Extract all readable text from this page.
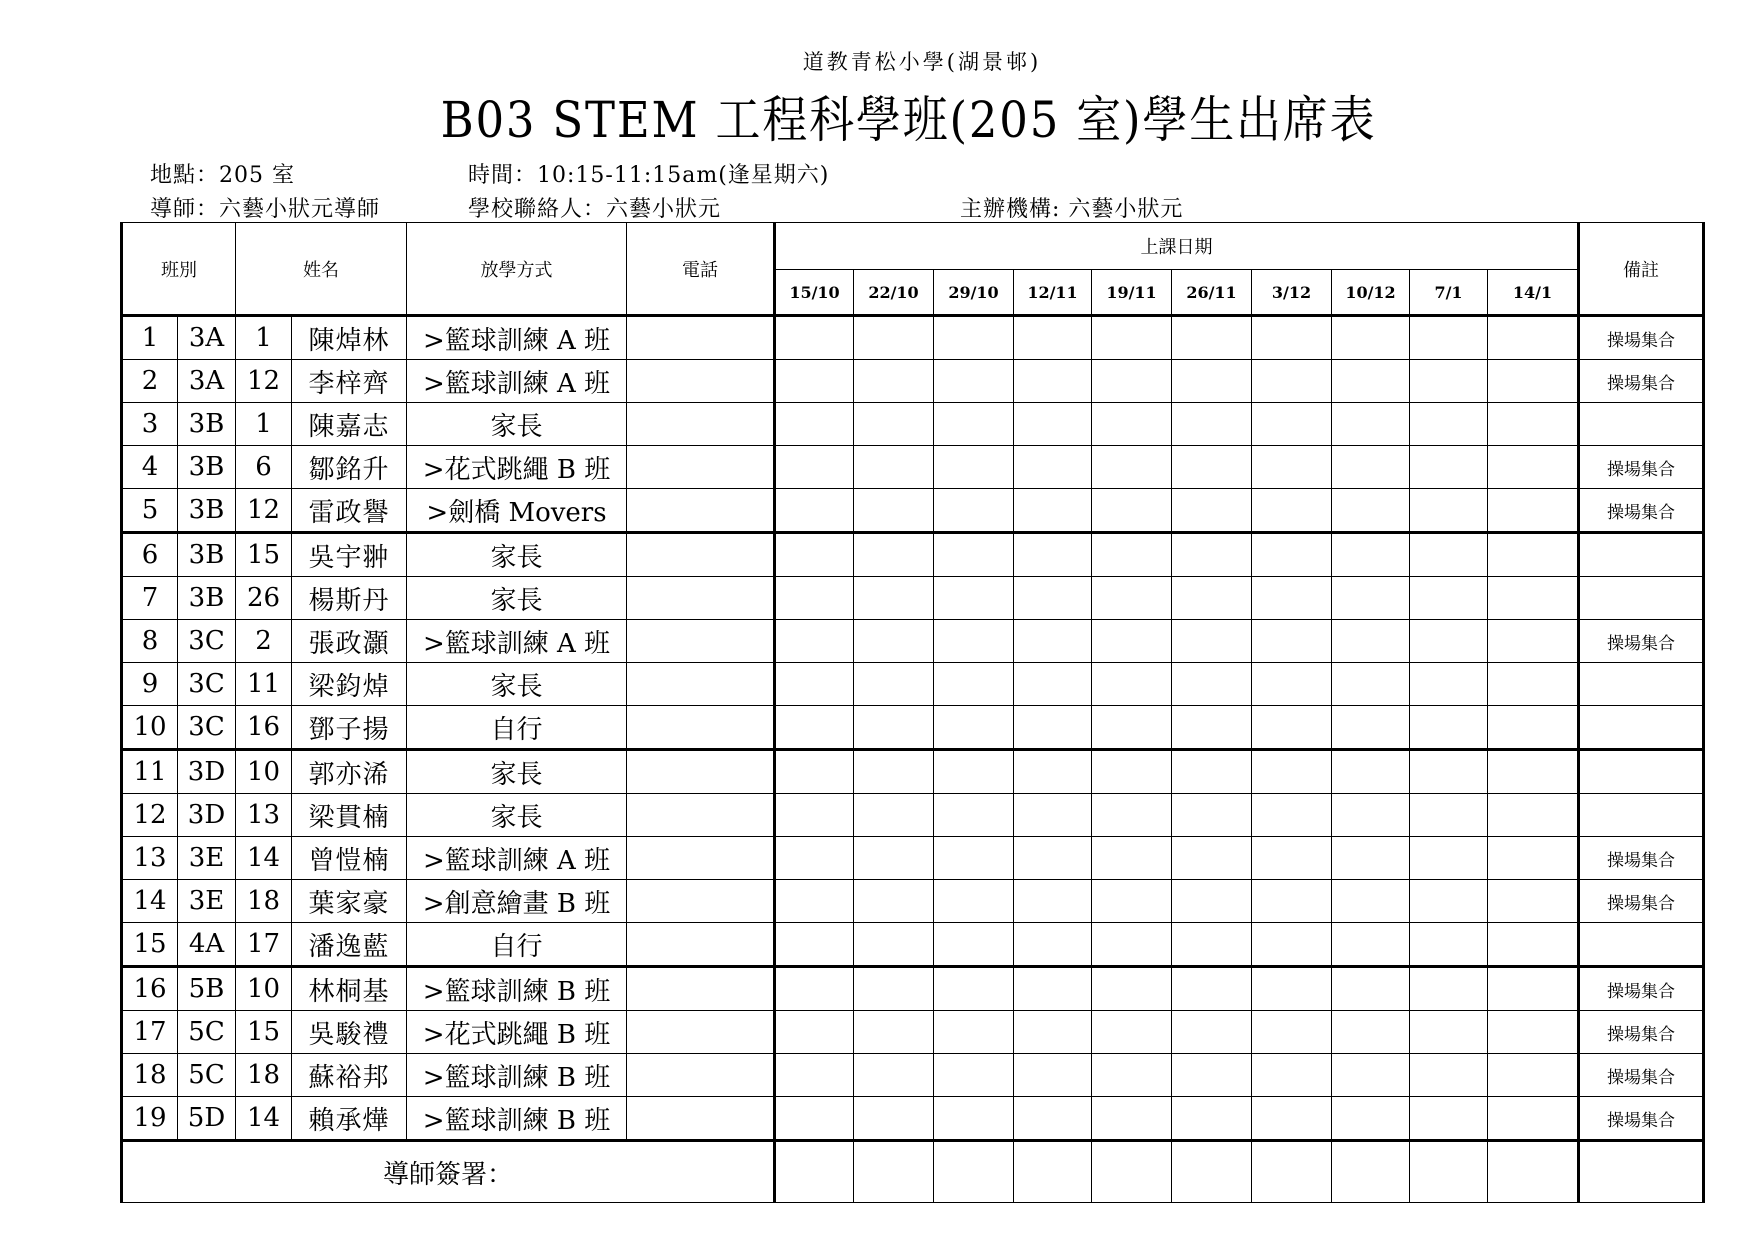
道教青松小學(湖景邨)
B03 STEM 工程科學班(205 室)學生出席表
地點：205 室	時間：10:15-11:15am(逢星期六)
導師：六藝小狀元導師	學校聯絡人：六藝小狀元	主辦機構: 六藝小狀元
班別		姓名		放學方式	電話	上課日期										備註
						15/10	22/10	29/10	12/11	19/11	26/11	3/12	10/12	7/1	14/1	
1	3A	1	陳焯林	>籃球訓練 A 班												操場集合
2	3A	12	李梓齊	>籃球訓練 A 班												操場集合
3	3B	1	陳嘉志	家長												
4	3B	6	鄒銘升	>花式跳繩 B 班												操場集合
5	3B	12	雷政譽	>劍橋 Movers												操場集合
6	3B	15	吳宇翀	家長												
7	3B	26	楊斯丹	家長												
8	3C	2	張政灝	>籃球訓練 A 班												操場集合
9	3C	11	梁鈞焯	家長												
10	3C	16	鄧子揚	自行												
11	3D	10	郭亦浠	家長												
12	3D	13	梁貫楠	家長												
13	3E	14	曾愷楠	>籃球訓練 A 班												操場集合
14	3E	18	葉家豪	>創意繪畫 B 班												操場集合
15	4A	17	潘逸藍	自行												
16	5B	10	林桐基	>籃球訓練 B 班												操場集合
17	5C	15	吳駿禮	>花式跳繩 B 班												操場集合
18	5C	18	蘇裕邦	>籃球訓練 B 班												操場集合
19	5D	14	賴承燁	>籃球訓練 B 班												操場集合
導師簽署：																
